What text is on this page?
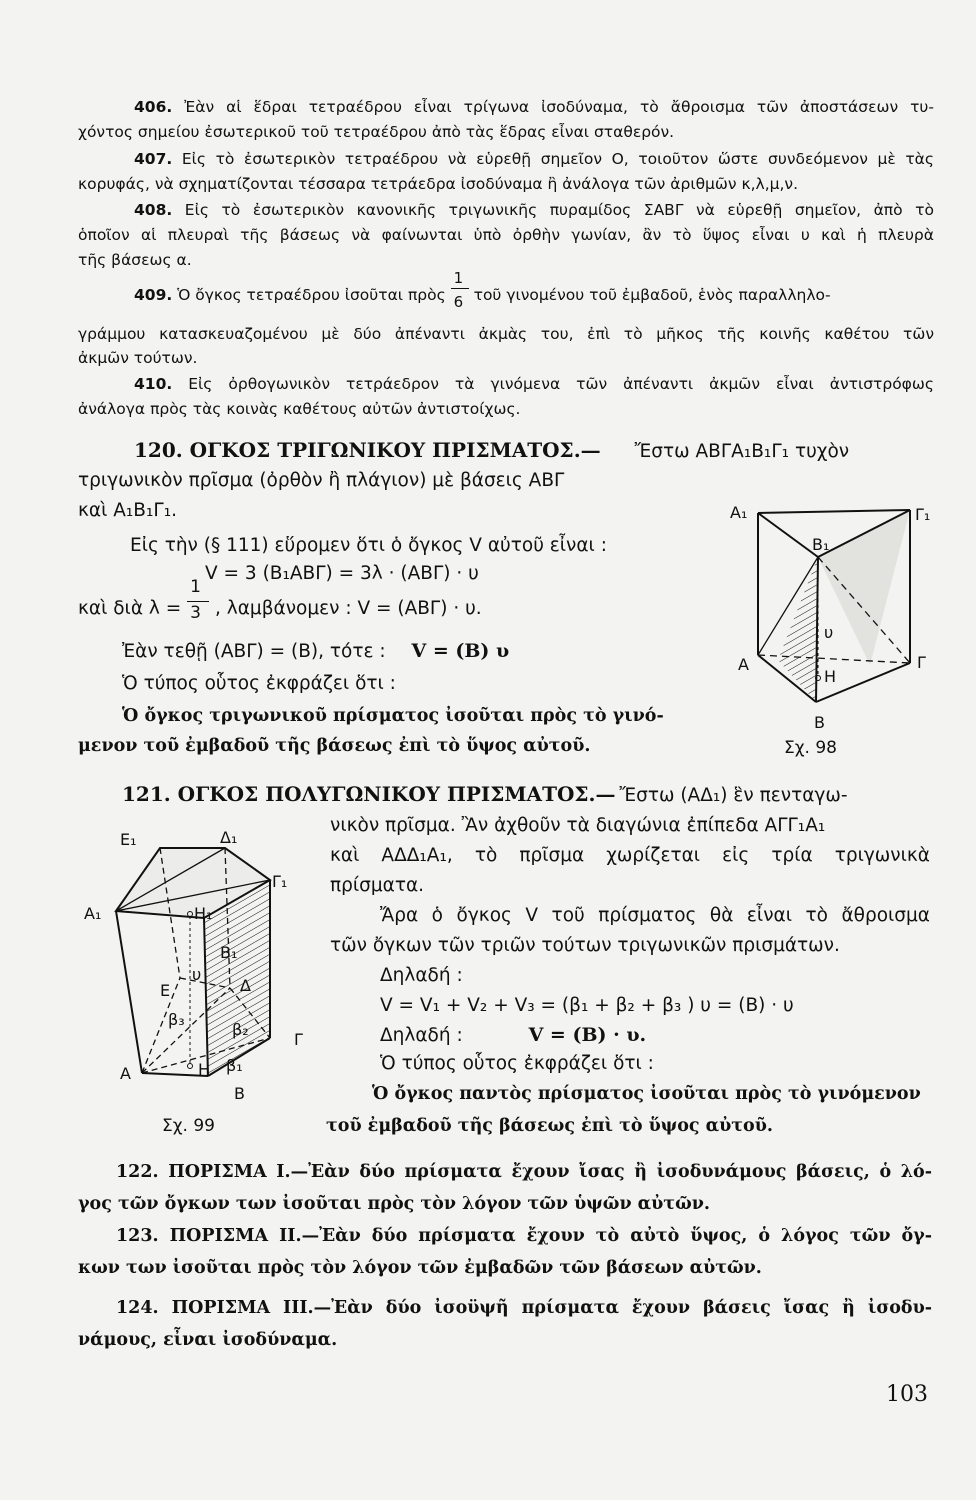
406. Ἐὰν αἱ ἕδραι τετραέδρου εἶναι τρίγωνα ἰσοδύναμα, τὸ ἄθροισμα τῶν ἀποστάσεων τυ-
χόντος σημείου ἐσωτερικοῦ τοῦ τετραέδρου ἀπὸ τὰς ἕδρας εἶναι σταθερόν.
407. Εἰς τὸ ἐσωτερικὸν τετραέδρου νὰ εὑρεθῇ σημεῖον Ο, τοιοῦτον ὥστε συνδεόμενον μὲ τὰς
κορυφάς, νὰ σχηματίζονται τέσσαρα τετράεδρα ἰσοδύναμα ἢ ἀνάλογα τῶν ἀριθμῶν κ,λ,μ,ν.
408. Εἰς τὸ ἐσωτερικὸν κανονικῆς τριγωνικῆς πυραμίδος ΣΑΒΓ νὰ εὑρεθῇ σημεῖον, ἀπὸ τὸ
ὁποῖον αἱ πλευραὶ τῆς βάσεως νὰ φαίνωνται ὑπὸ ὀρθὴν γωνίαν, ἂν τὸ ὕψος εἶναι υ καὶ ἡ πλευρὰ
τῆς βάσεως α.
409. Ὁ ὄγκος τετραέδρου ἰσοῦται πρὸς $\frac{1}{6}$ τοῦ γινομένου τοῦ ἐμβαδοῦ, ἑνὸς παραλληλο-
γράμμου κατασκευαζομένου μὲ δύο ἀπέναντι ἀκμὰς του, ἐπὶ τὸ μῆκος τῆς κοινῆς καθέτου τῶν
ἀκμῶν τούτων.
410. Εἰς ὀρθογωνικὸν τετράεδρον τὰ γινόμενα τῶν ἀπέναντι ἀκμῶν εἶναι ἀντιστρόφως
ἀνάλογα πρὸς τὰς κοινὰς καθέτους αὐτῶν ἀντιστοίχως.
120. ΟΓΚΟΣ ΤΡΙΓΩΝΙΚΟΥ ΠΡΙΣΜΑΤΟΣ.— Ἔστω ΑΒΓΑ₁Β₁Γ₁ τυχὸν
τριγωνικὸν πρῖσμα (ὀρθὸν ἢ πλάγιον) μὲ βάσεις ΑΒΓ
καὶ Α₁Β₁Γ₁.
Εἰς τὴν (§ 111) εὕρομεν ὅτι ὁ ὄγκος V αὐτοῦ εἶναι :
V = 3 (Β₁ΑΒΓ) = 3λ · (ΑΒΓ) · υ
καὶ διὰ $\lambda = \frac{1}{3}$ , λαμβάνομεν : V = (ΑΒΓ) · υ.
Ἐὰν τεθῇ (ΑΒΓ) = (Β), τότε : V = (B) υ
Ὁ τύπος οὗτος ἐκφράζει ὅτι :
Ὁ ὄγκος τριγωνικοῦ πρίσματος ἰσοῦται πρὸς τὸ γινό-
μενον τοῦ ἐμβαδοῦ τῆς βάσεως ἐπὶ τὸ ὕψος αὐτοῦ.
Α₁	Γ₁
Β₁
Α	Γ
Η
υ
Β
Σχ. 98
121. ΟΓΚΟΣ ΠΟΛΥΓΩΝΙΚΟΥ ΠΡΙΣΜΑΤΟΣ.— Ἔστω (ΑΔ₁) ἓν πενταγω-
νικὸν πρῖσμα. Ἂν ἀχθοῦν τὰ διαγώνια ἐπίπεδα ΑΓΓ₁Α₁
καὶ ΑΔΔ₁Α₁, τὸ πρῖσμα χωρίζεται εἰς τρία τριγωνικὰ
πρίσματα.
Ἄρα ὁ ὄγκος V τοῦ πρίσματος θὰ εἶναι τὸ ἄθροισμα
τῶν ὄγκων τῶν τριῶν τούτων τριγωνικῶν πρισμάτων.
Δηλαδή :
V = V₁ + V₂ + V₃ = (β₁ + β₂ + β₃ ) υ = (Β) · υ
Δηλαδή :	V = (B) · υ.
Ὁ τύπος οὗτος ἐκφράζει ὅτι :
Ὁ ὄγκος παντὸς πρίσματος ἰσοῦται πρὸς τὸ γινόμενον
τοῦ ἐμβαδοῦ τῆς βάσεως ἐπὶ τὸ ὕψος αὐτοῦ.
Ε₁	Δ₁
Γ₁
Α₁	Η₁
Β₁
Δ
Ε
υ
β₃
β₂
β₁
Γ
Α	Η
Β
Σχ. 99
122. ΠΟΡΙΣΜΑ Ι.—Ἐὰν δύο πρίσματα ἔχουν ἴσας ἢ ἰσοδυνάμους βάσεις, ὁ λό-
γος τῶν ὄγκων των ἰσοῦται πρὸς τὸν λόγον τῶν ὑψῶν αὐτῶν.
123. ΠΟΡΙΣΜΑ ΙΙ.—Ἐὰν δύο πρίσματα ἔχουν τὸ αὐτὸ ὕψος, ὁ λόγος τῶν ὄγ-
κων των ἰσοῦται πρὸς τὸν λόγον τῶν ἐμβαδῶν τῶν βάσεων αὐτῶν.
124. ΠΟΡΙΣΜΑ ΙΙΙ.—Ἐὰν δύο ἰσοϋψῆ πρίσματα ἔχουν βάσεις ἴσας ἢ ἰσοδυ-
νάμους, εἶναι ἰσοδύναμα.
103
